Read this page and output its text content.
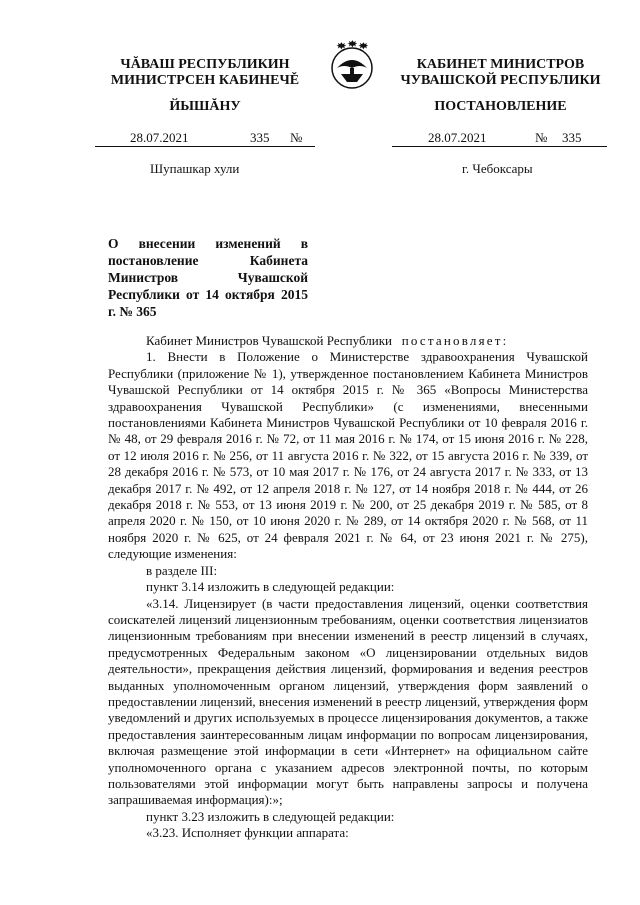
ЧĂВАШ РЕСПУБЛИКИН
МИНИСТРСЕН КАБИНЕЧĚ
КАБИНЕТ МИНИСТРОВ
ЧУВАШСКОЙ РЕСПУБЛИКИ
ЙЫШĂНУ	ПОСТАНОВЛЕНИЕ
28.07.2021	335 №	28.07.2021	№ 335
Шупашкар хули	г. Чебоксары
О внесении изменений в постановление Кабинета Министров Чувашской Республики от 14 октября 2015 г. № 365

Кабинет Министров Чувашской Республики постановляет:

1. Внести в Положение о Министерстве здравоохранения Чувашской Республики (приложение № 1), утвержденное постановлением Кабинета Министров Чувашской Республики от 14 октября 2015 г. № 365 «Вопросы Министерства здравоохранения Чувашской Республики» (с изменениями, внесенными постановлениями Кабинета Министров Чувашской Республики от 10 февраля 2016 г. № 48, от 29 февраля 2016 г. № 72, от 11 мая 2016 г. № 174, от 15 июня 2016 г. № 228, от 12 июля 2016 г. № 256, от 11 августа 2016 г. № 322, от 15 августа 2016 г. № 339, от 28 декабря 2016 г. № 573, от 10 мая 2017 г. № 176, от 24 августа 2017 г. № 333, от 13 декабря 2017 г. № 492, от 12 апреля 2018 г. № 127, от 14 ноября 2018 г. № 444, от 26 декабря 2018 г. № 553, от 13 июня 2019 г. № 200, от 25 декабря 2019 г. № 585, от 8 апреля 2020 г. № 150, от 10 июня 2020 г. № 289, от 14 октября 2020 г. № 568, от 11 ноября 2020 г. № 625, от 24 февраля 2021 г. № 64, от 23 июня 2021 г. № 275), следующие изменения:

в разделе III:

пункт 3.14 изложить в следующей редакции:

«3.14. Лицензирует (в части предоставления лицензий, оценки соответствия соискателей лицензий лицензионным требованиям, оценки соответствия лицензиатов лицензионным требованиям при внесении изменений в реестр лицензий в случаях, предусмотренных Федеральным законом «О лицензировании отдельных видов деятельности», прекращения действия лицензий, формирования и ведения реестров выданных уполномоченным органом лицензий, утверждения форм заявлений о предоставлении лицензий, внесения изменений в реестр лицензий, утверждения форм уведомлений и других используемых в процессе лицензирования документов, а также предоставления заинтересованным лицам информации по вопросам лицензирования, включая размещение этой информации в сети «Интернет» на официальном сайте уполномоченного органа с указанием адресов электронной почты, по которым пользователями этой информации могут быть направлены запросы и получена запрашиваемая информация):»;

пункт 3.23 изложить в следующей редакции:

«3.23. Исполняет функции аппарата:
